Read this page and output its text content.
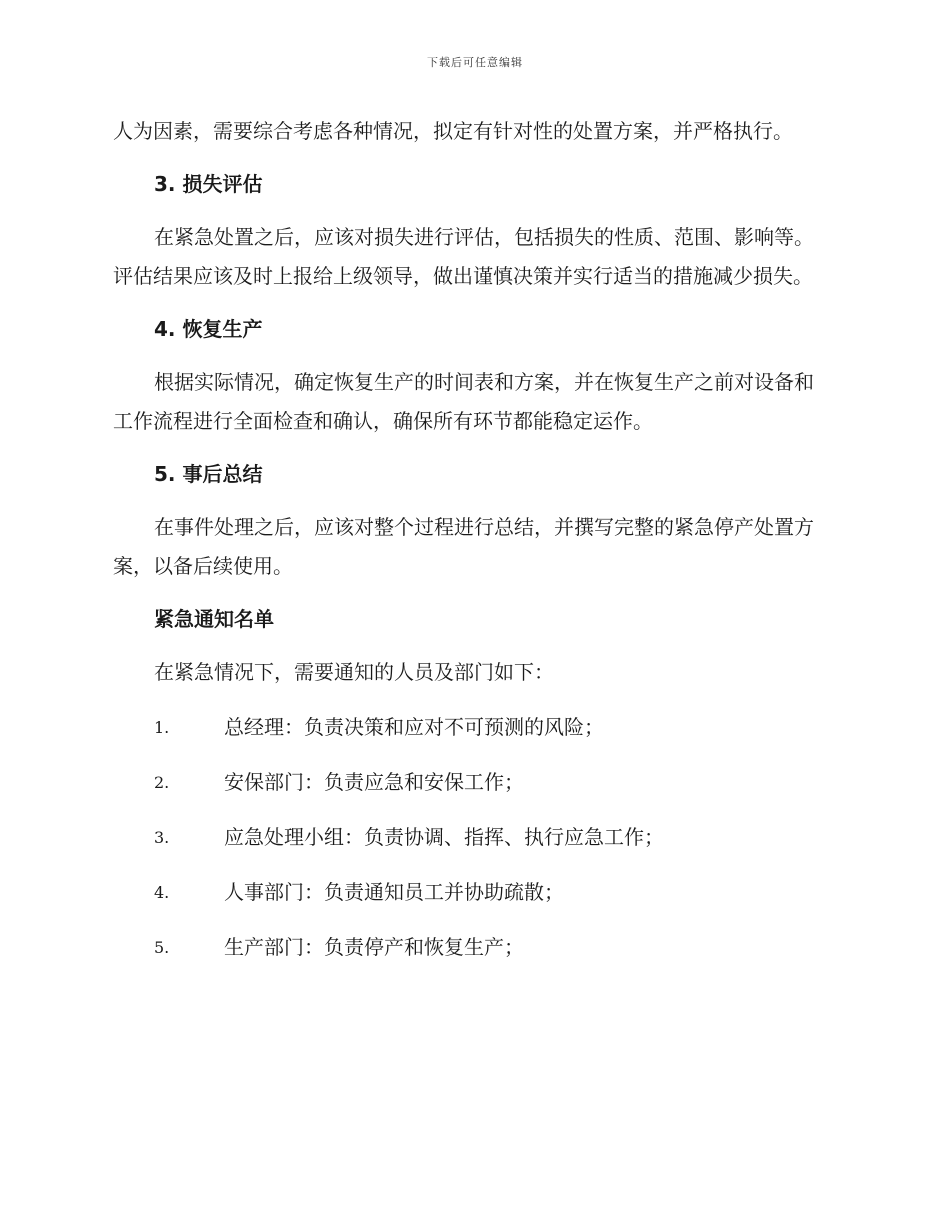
下载后可任意编辑

人为因素，需要综合考虑各种情况，拟定有针对性的处置方案，并严格执行。

3. 损失评估

在紧急处置之后，应该对损失进行评估，包括损失的性质、范围、影响等。评估结果应该及时上报给上级领导，做出谨慎决策并实行适当的措施减少损失。

4. 恢复生产

根据实际情况，确定恢复生产的时间表和方案，并在恢复生产之前对设备和工作流程进行全面检查和确认，确保所有环节都能稳定运作。

5. 事后总结

在事件处理之后，应该对整个过程进行总结，并撰写完整的紧急停产处置方案，以备后续使用。

紧急通知名单

在紧急情况下，需要通知的人员及部门如下：

1.	总经理：负责决策和应对不可预测的风险；
2.	安保部门：负责应急和安保工作；
3.	应急处理小组：负责协调、指挥、执行应急工作；
4.	人事部门：负责通知员工并协助疏散；
5.	生产部门：负责停产和恢复生产；
